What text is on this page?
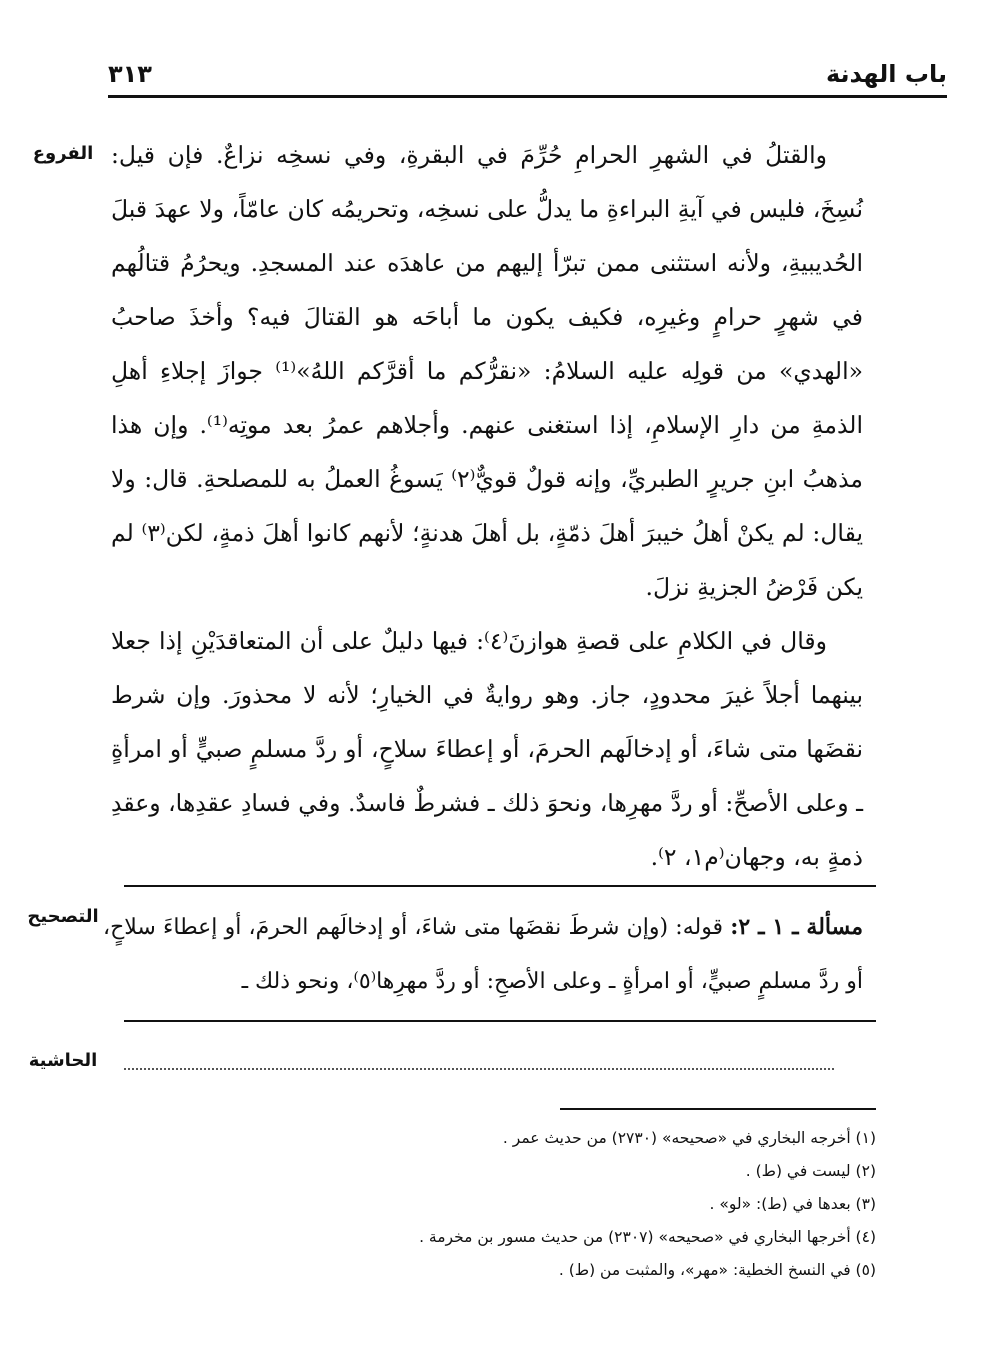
باب الهدنة
٣١٣
الفروع
التصحيح
الحاشية

والقتلُ في الشهرِ الحرامِ حُرِّمَ في البقرةِ، وفي نسخِه نزاعٌ. فإن قيل: نُسِخَ، فليس في آيةِ البراءةِ ما يدلُّ على نسخِه، وتحريمُه كان عامّاً، ولا عهدَ قبلَ الحُديبيةِ، ولأنه استثنى ممن تبرّأ إليهم من عاهدَه عند المسجدِ. ويحرُمُ قتالُهم في شهرٍ حرامٍ وغيرِه، فكيف يكون ما أباحَه هو القتالَ فيه؟ وأخذَ صاحبُ «الهدي» من قولِه عليه السلامُ: «نقرُّكم ما أقرَّكم اللهُ»⁽¹⁾ جوازَ إجلاءِ أهلِ الذمةِ من دارِ الإسلامِ، إذا استغنى عنهم. وأجلاهم عمرُ بعد موتِه⁽¹⁾. وإن هذا مذهبُ ابنِ جريرٍ الطبريِّ، وإنه قولٌ قويٌّ⁽٢⁾ يَسوغُ العملُ به للمصلحةِ. قال: ولا يقال: لم يكنْ أهلُ خيبرَ أهلَ ذمّةٍ، بل أهلَ هدنةٍ؛ لأنهم كانوا أهلَ ذمةٍ، لكن⁽٣⁾ لم يكن فَرْضُ الجزيةِ نزلَ.

وقال في الكلامِ على قصةِ هوازنَ⁽٤⁾: فيها دليلٌ على أن المتعاقدَيْنِ إذا جعلا بينهما أجلاً غيرَ محدودٍ، جاز. وهو روايةٌ في الخيارِ؛ لأنه لا محذورَ. وإن شرط نقضَها متى شاءَ، أو إدخالَهم الحرمَ، أو إعطاءَ سلاحٍ، أو ردَّ مسلمٍ صبيٍّ أو امرأةٍ ـ وعلى الأصحِّ: أو ردَّ مهرِها، ونحوَ ذلك ـ فشرطٌ فاسدٌ. وفي فسادِ عقدِها، وعقدِ ذمةٍ به، وجهان⁽م١، ٢⁾.

مسألة ـ ١ ـ ٢: قوله: (وإن شرطَ نقضَها متى شاءَ، أو إدخالَهم الحرمَ، أو إعطاءَ سلاحٍ، أو ردَّ مسلمٍ صبيٍّ، أو امرأةٍ ـ وعلى الأصحِ: أو ردَّ مهرِها⁽٥⁾، ونحو ذلك ـ

(١) أخرجه البخاري في «صحيحه» (٢٧٣٠) من حديث عمر .
(٢) ليست في (ط) .
(٣) بعدها في (ط): «لو» .
(٤) أخرجها البخاري في «صحيحه» (٢٣٠٧) من حديث مسور بن مخرمة .
(٥) في النسخ الخطية: «مهر»، والمثبت من (ط) .
